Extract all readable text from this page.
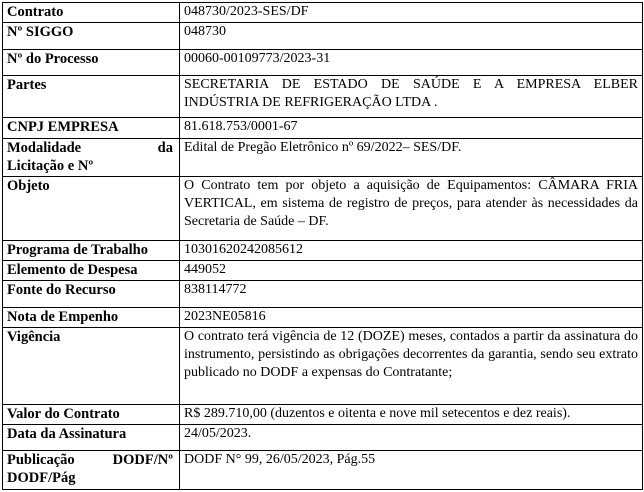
Contrato	048730/2023-SES/DF
Nº SIGGO	048730
Nº do Processo	00060-00109773/2023-31
Partes	SECRETARIA DE ESTADO DE SAÚDE E A EMPRESA ELBER INDÚSTRIA DE REFRIGERAÇÃO LTDA .
CNPJ EMPRESA	81.618.753/0001-67

Modalidade da
Licitação e Nº	Edital de Pregão Eletrônico nº 69/2022– SES/DF.
Objeto	O Contrato tem por objeto a aquisição de Equipamentos: CÂMARA FRIA VERTICAL, em sistema de registro de preços, para atender às necessidades da Secretaria de Saúde – DF.
Programa de Trabalho	10301620242085612
Elemento de Despesa	449052
Fonte do Recurso	838114772
Nota de Empenho	2023NE05816
Vigência	O contrato terá vigência de 12 (DOZE) meses, contados a partir da assinatura do instrumento, persistindo as obrigações decorrentes da garantia, sendo seu extrato publicado no DODF a expensas do Contratante;
Valor do Contrato	R$ 289.710,00 (duzentos e oitenta e nove mil setecentos e dez reais).
Data da Assinatura	24/05/2023.

Publicação DODF/Nº
DODF/Pág	DODF N° 99, 26/05/2023, Pág.55
